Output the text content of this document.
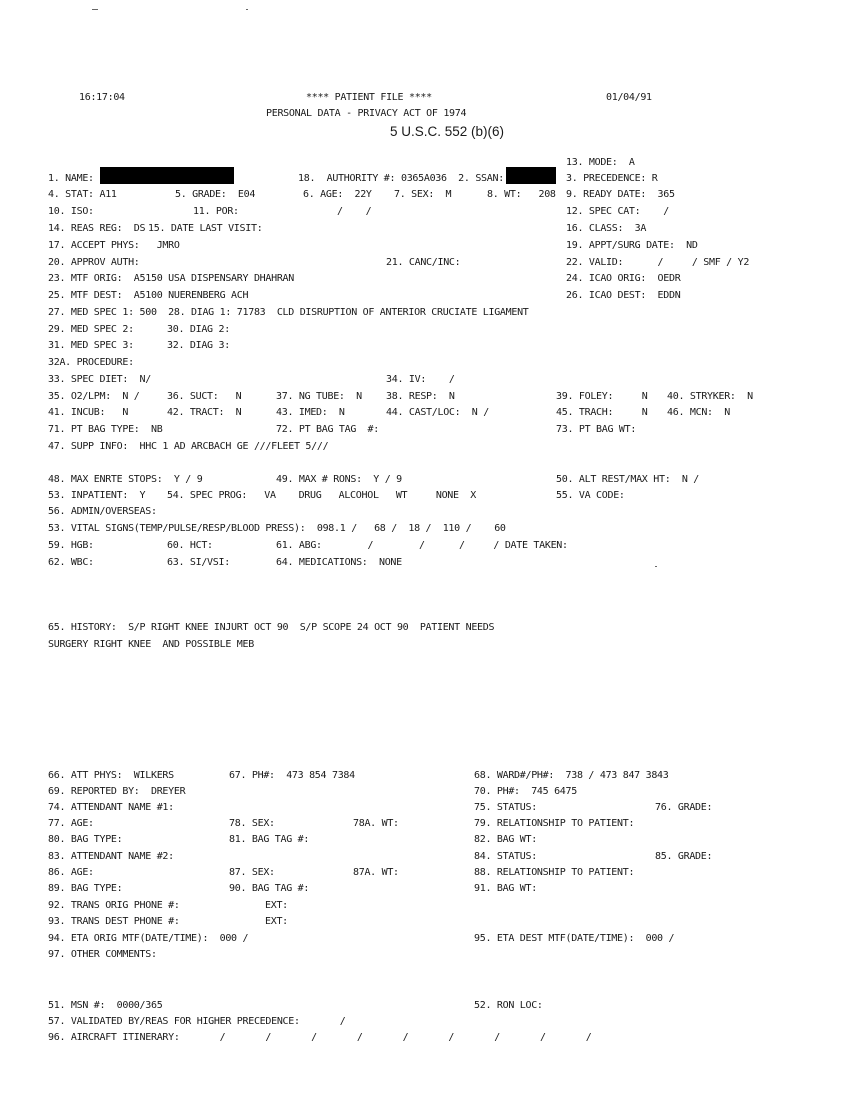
16:17:04	**** PATIENT FILE ****	01/04/91
PERSONAL DATA - PRIVACY ACT OF 1974
5 U.S.C. 552 (b)(6)
13. MODE:  A
1. NAME:	18.  AUTHORITY #: 0365A036  2. SSAN:	3. PRECEDENCE: R
4. STAT: A11	5. GRADE:  E04	6. AGE:  22Y 7. SEX:  M	8. WT:   208 9. READY DATE:  365
10. ISO:	11. POR:	/    /	12. SPEC CAT:    /
14. REAS REG:  DS 15. DATE LAST VISIT:	16. CLASS:  3A
17. ACCEPT PHYS:   JMRO	19. APPT/SURG DATE:  ND
20. APPROV AUTH:	21. CANC/INC:	22. VALID:      /     / SMF / Y2
23. MTF ORIG:  A5150 USA DISPENSARY DHAHRAN	24. ICAO ORIG:  OEDR
25. MTF DEST:  A5100 NUERENBERG ACH	26. ICAO DEST:  EDDN
27. MED SPEC 1: 500  28. DIAG 1: 71783  CLD DISRUPTION OF ANTERIOR CRUCIATE LIGAMENT
29. MED SPEC 2:	30. DIAG 2:
31. MED SPEC 3:	32. DIAG 3:
32A. PROCEDURE:
33. SPEC DIET:  N/	34. IV:    /
35. O2/LPM:  N /	36. SUCT:   N	37. NG TUBE:  N 38. RESP:  N	39. FOLEY:     N 40. STRYKER:  N
41. INCUB:   N	42. TRACT:  N	43. IMED:  N	44. CAST/LOC:  N /	45. TRACH:     N 46. MCN:  N
71. PT BAG TYPE:  NB	72. PT BAG TAG  #:	73. PT BAG WT:
47. SUPP INFO:  HHC 1 AD ARCBACH GE ///FLEET 5///
48. MAX ENRTE STOPS:  Y / 9	49. MAX # RONS:  Y / 9	50. ALT REST/MAX HT:  N /
53. INPATIENT:  Y 54. SPEC PROG:   VA    DRUG   ALCOHOL   WT     NONE  X	55. VA CODE:
56. ADMIN/OVERSEAS:
53. VITAL SIGNS(TEMP/PULSE/RESP/BLOOD PRESS):  098.1 /   68 /  18 /  110 /    60
59. HGB:	60. HCT:	61. ABG:        /        /      /     / DATE TAKEN:
62. WBC:	63. SI/VSI:	64. MEDICATIONS:  NONE
65. HISTORY:  S/P RIGHT KNEE INJURT OCT 90  S/P SCOPE 24 OCT 90  PATIENT NEEDS
SURGERY RIGHT KNEE  AND POSSIBLE MEB
66. ATT PHYS:  WILKERS	67. PH#:  473 854 7384	68. WARD#/PH#:  738 / 473 847 3843
69. REPORTED BY:  DREYER	70. PH#:  745 6475
74. ATTENDANT NAME #1:	75. STATUS:	76. GRADE:
77. AGE:	78. SEX:	78A. WT:	79. RELATIONSHIP TO PATIENT:
80. BAG TYPE:	81. BAG TAG #:	82. BAG WT:
83. ATTENDANT NAME #2:	84. STATUS:	85. GRADE:
86. AGE:	87. SEX:	87A. WT:	88. RELATIONSHIP TO PATIENT:
89. BAG TYPE:	90. BAG TAG #:	91. BAG WT:
92. TRANS ORIG PHONE #:	EXT:
93. TRANS DEST PHONE #:	EXT:
94. ETA ORIG MTF(DATE/TIME):  000 /	95. ETA DEST MTF(DATE/TIME):  000 /
97. OTHER COMMENTS:
51. MSN #:  0000/365	52. RON LOC:
57. VALIDATED BY/REAS FOR HIGHER PRECEDENCE:       /
96. AIRCRAFT ITINERARY:       /       /       /       /       /       /       /       /       /
